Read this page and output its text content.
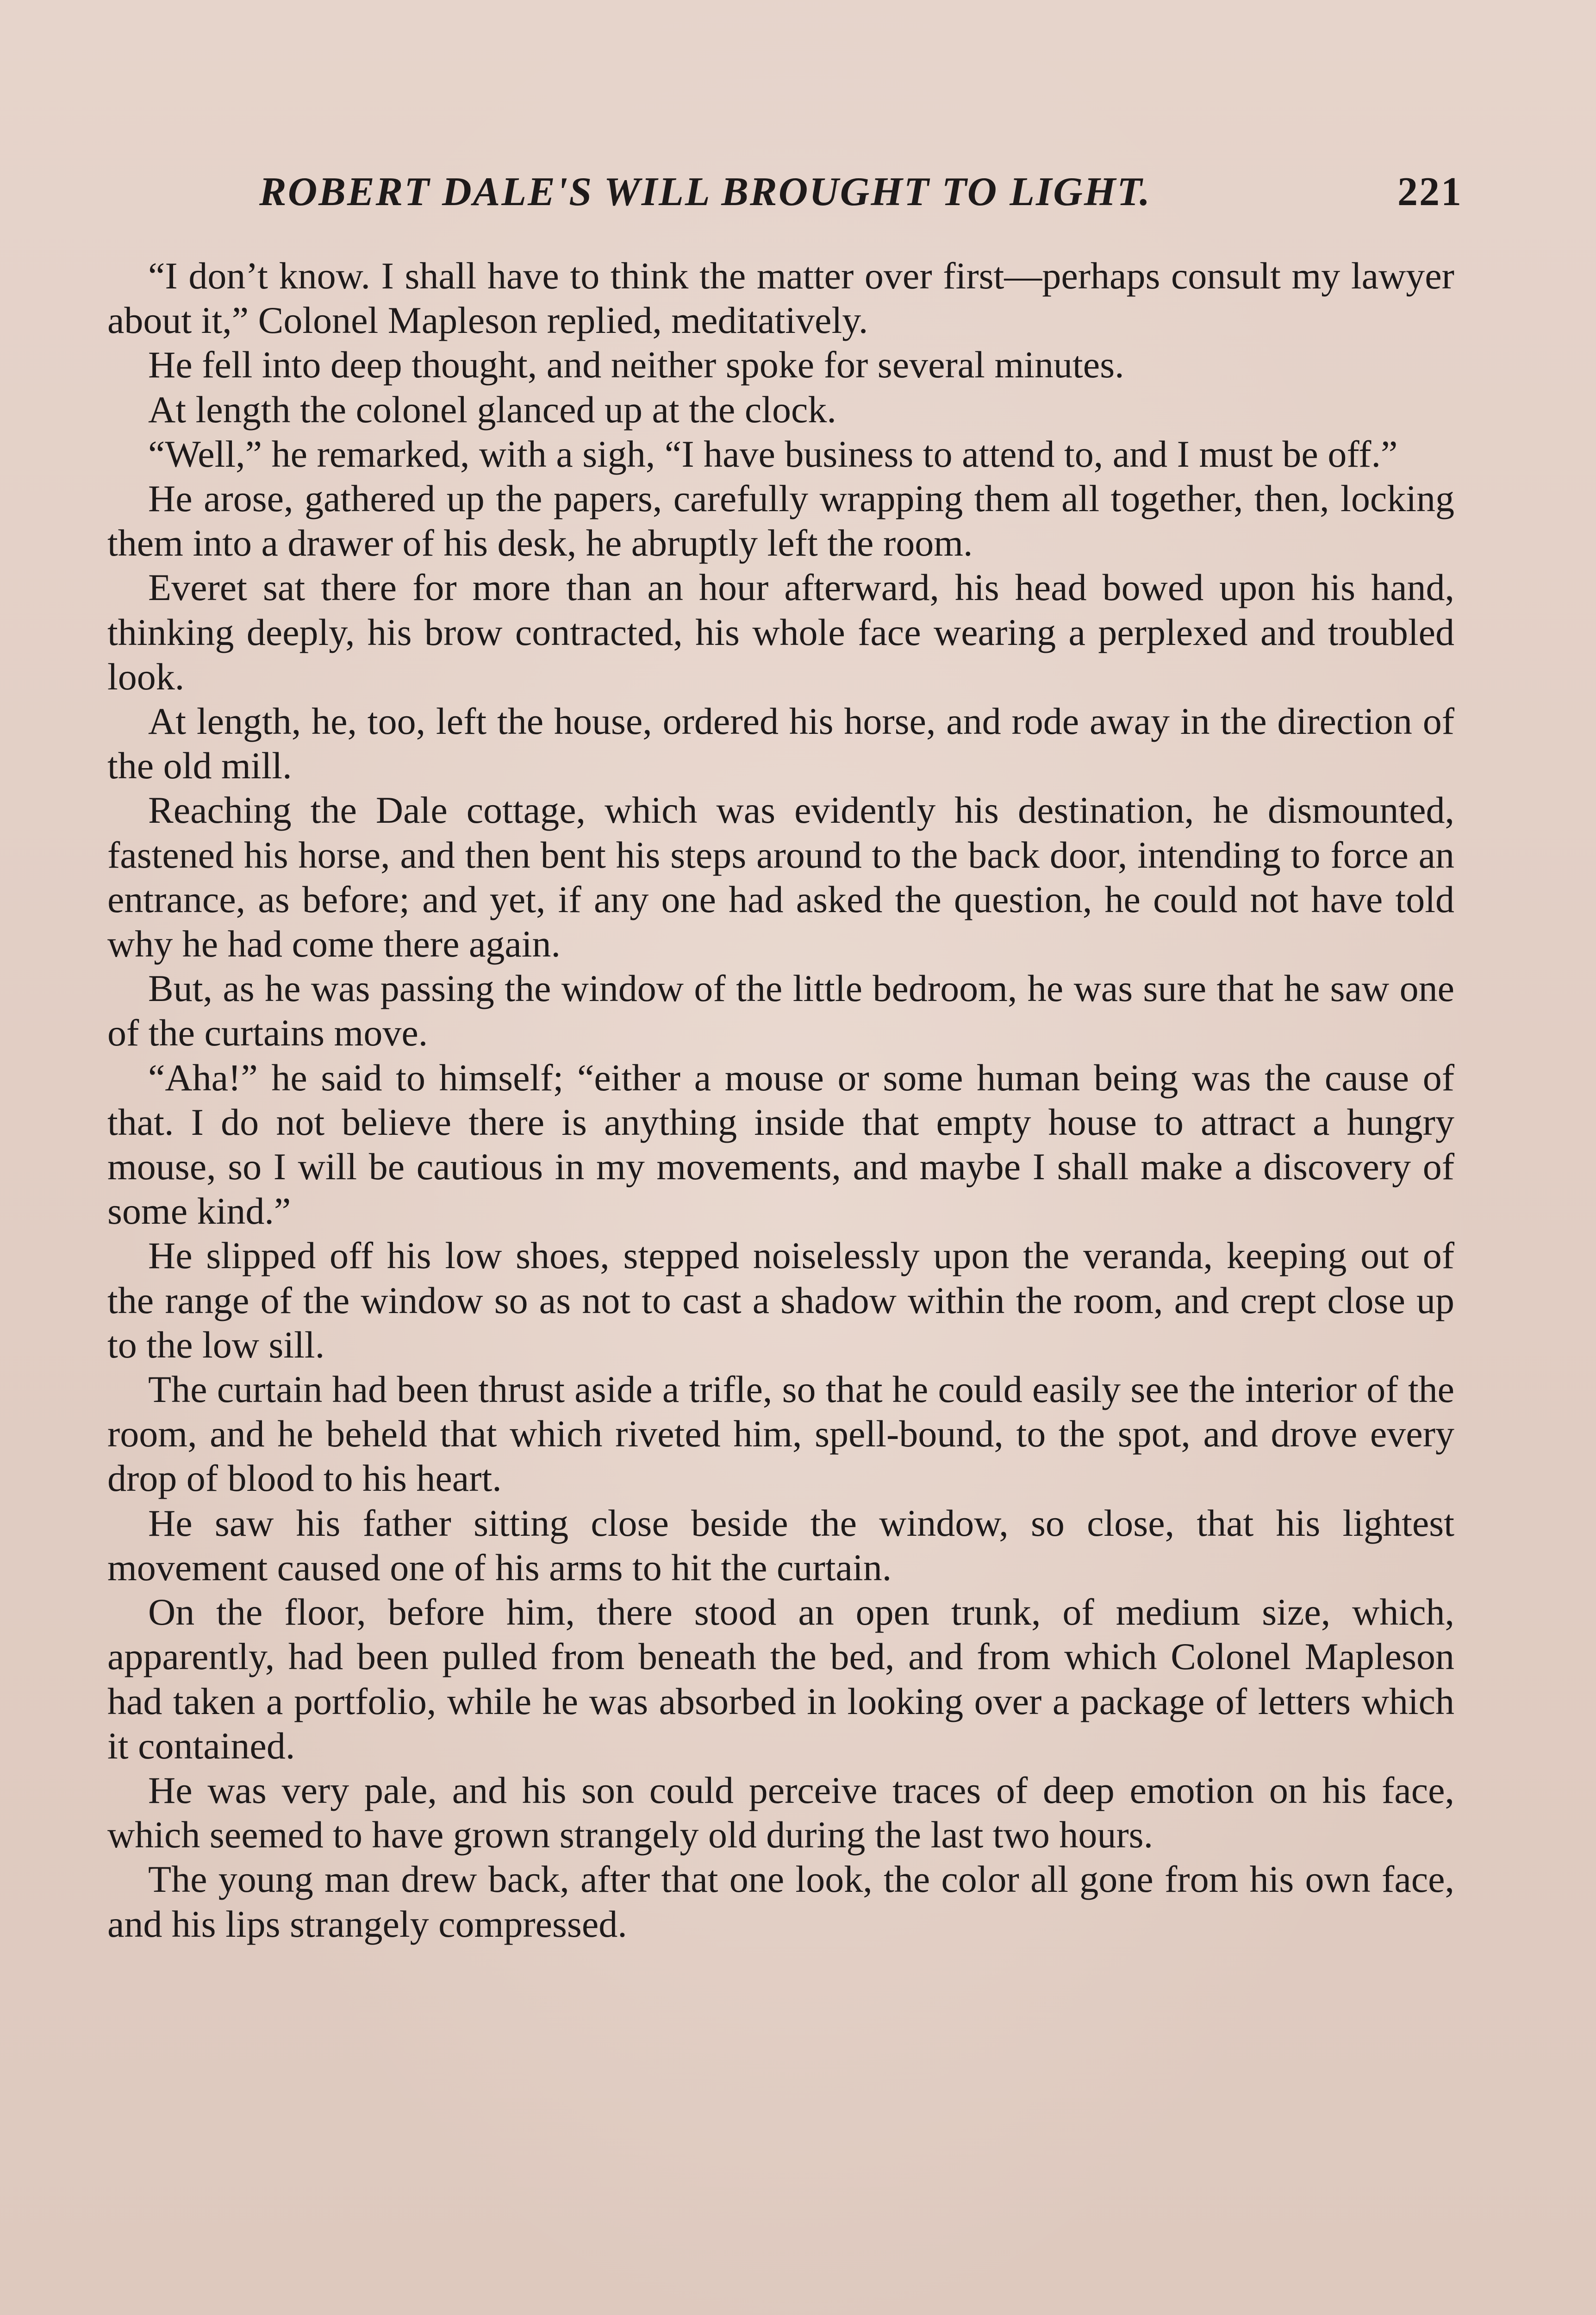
ROBERT DALE'S WILL BROUGHT TO LIGHT.	221

“I don’t know. I shall have to think the matter over first—perhaps consult my lawyer about it,” Colonel Mapleson replied, meditatively.

He fell into deep thought, and neither spoke for several minutes.

At length the colonel glanced up at the clock.

“Well,” he remarked, with a sigh, “I have business to attend to, and I must be off.”

He arose, gathered up the papers, carefully wrapping them all together, then, locking them into a drawer of his desk, he abruptly left the room.

Everet sat there for more than an hour afterward, his head bowed upon his hand, thinking deeply, his brow contracted, his whole face wearing a perplexed and troubled look.

At length, he, too, left the house, ordered his horse, and rode away in the direction of the old mill.

Reaching the Dale cottage, which was evidently his destination, he dismounted, fastened his horse, and then bent his steps around to the back door, intending to force an entrance, as before; and yet, if any one had asked the question, he could not have told why he had come there again.

But, as he was passing the window of the little bedroom, he was sure that he saw one of the curtains move.

“Aha!” he said to himself; “either a mouse or some human being was the cause of that. I do not believe there is anything inside that empty house to attract a hungry mouse, so I will be cautious in my movements, and maybe I shall make a discovery of some kind.”

He slipped off his low shoes, stepped noiselessly upon the veranda, keeping out of the range of the window so as not to cast a shadow within the room, and crept close up to the low sill.

The curtain had been thrust aside a trifle, so that he could easily see the interior of the room, and he beheld that which riveted him, spell-bound, to the spot, and drove every drop of blood to his heart.

He saw his father sitting close beside the window, so close, that his lightest movement caused one of his arms to hit the curtain.

On the floor, before him, there stood an open trunk, of medium size, which, apparently, had been pulled from beneath the bed, and from which Colonel Mapleson had taken a portfolio, while he was absorbed in looking over a package of letters which it contained.

He was very pale, and his son could perceive traces of deep emotion on his face, which seemed to have grown strangely old during the last two hours.

The young man drew back, after that one look, the color all gone from his own face, and his lips strangely compressed.
